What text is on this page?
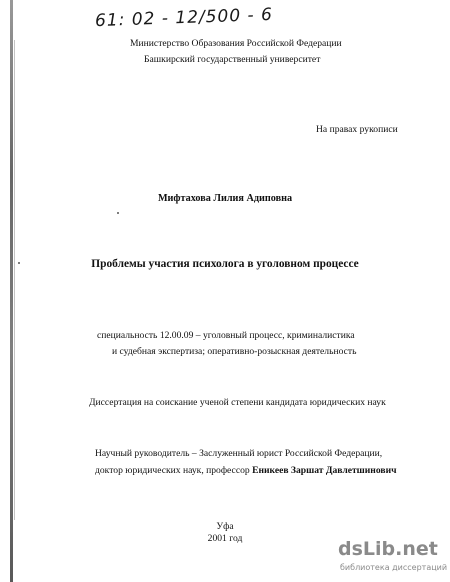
61: 02 - 12/500 - 6
Министерство Образования Российской Федерации
Башкирский государственный университет
На правах рукописи
Мифтахова Лилия Адиповна
Проблемы участия психолога в уголовном процессе
специальность 12.00.09 – уголовный процесс, криминалистика
и судебная экспертиза; оперативно-розыскная деятельность
Диссертация на соискание ученой степени кандидата юридических наук
Научный руководитель – Заслуженный юрист Российской Федерации,
доктор юридических наук, профессор Еникеев Заршат Давлетшинович
Уфа
2001 год	dsLib.net
библиотека диссертаций
